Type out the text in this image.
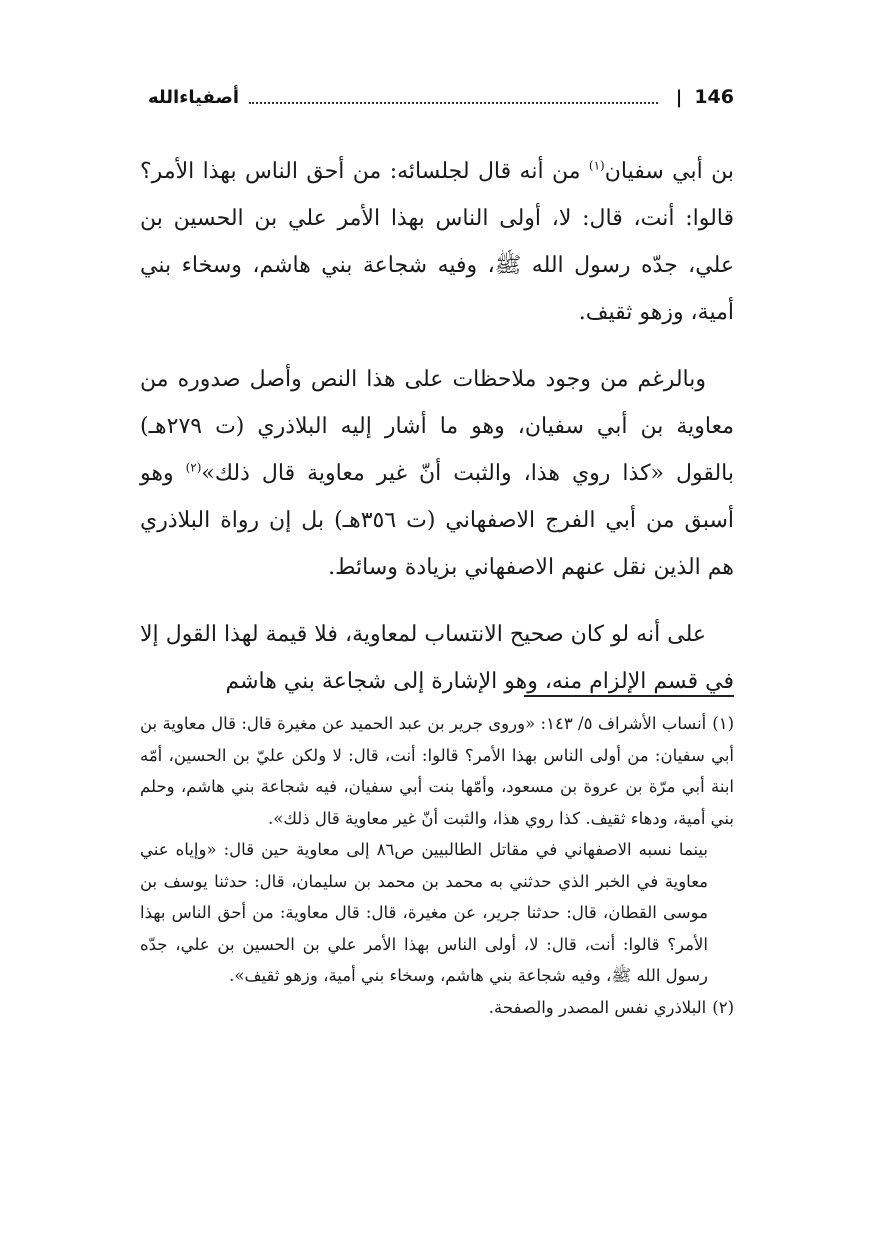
146
|
أصفياءالله

بن أبي سفيان$^{(١)}$ من أنه قال لجلسائه: من أحق الناس بهذا الأمر؟ قالوا: أنت، قال: لا، أولى الناس بهذا الأمر علي بن الحسين بن علي، جدّه رسول الله ﷺ، وفيه شجاعة بني هاشم، وسخاء بني أمية، وزهو ثقيف.

وبالرغم من وجود ملاحظات على هذا النص وأصل صدوره من معاوية بن أبي سفيان، وهو ما أشار إليه البلاذري (ت ٢٧٩هـ) بالقول «كذا روي هذا، والثبت أنّ غير معاوية قال ذلك»$^{(٢)}$ وهو أسبق من أبي الفرج الاصفهاني (ت ٣٥٦هـ) بل إن رواة البلاذري هم الذين نقل عنهم الاصفهاني بزيادة وسائط.

على أنه لو كان صحيح الانتساب لمعاوية، فلا قيمة لهذا القول إلا في قسم الإلزام منه، وهو الإشارة إلى شجاعة بني هاشم

(١)أنساب الأشراف ٥/ ١٤٣: «وروى جرير بن عبد الحميد عن مغيرة قال: قال معاوية بن أبي سفيان: من أولى الناس بهذا الأمر؟ قالوا: أنت، قال: لا ولكن عليّ بن الحسين، أمّه ابنة أبي مرّة بن عروة بن مسعود، وأمّها بنت أبي سفيان، فيه شجاعة بني هاشم، وحلم بني أمية، ودهاء ثقيف. كذا روي هذا، والثبت أنّ غير معاوية قال ذلك».

بينما نسبه الاصفهاني في مقاتل الطالبيين ص٨٦ إلى معاوية حين قال: «وإياه عني معاوية في الخبر الذي حدثني به محمد بن محمد بن سليمان، قال: حدثنا يوسف بن موسى القطان، قال: حدثنا جرير، عن مغيرة، قال: قال معاوية: من أحق الناس بهذا الأمر؟ قالوا: أنت، قال: لا، أولى الناس بهذا الأمر علي بن الحسين بن علي، جدّه رسول الله ﷺ، وفيه شجاعة بني هاشم، وسخاء بني أمية، وزهو ثقيف».

(٢)البلاذري نفس المصدر والصفحة.
